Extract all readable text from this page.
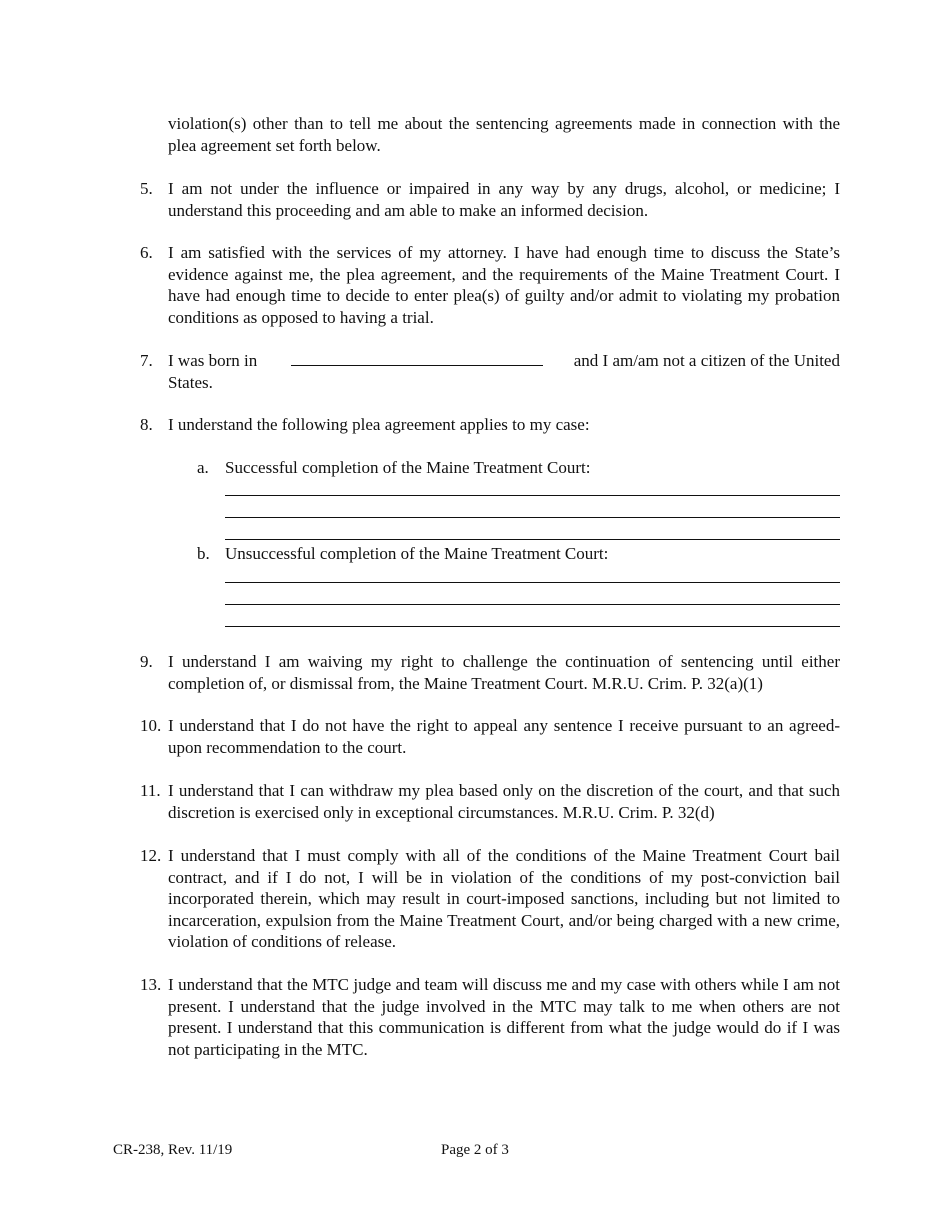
violation(s) other than to tell me about the sentencing agreements made in connection with the plea agreement set forth below.
5. I am not under the influence or impaired in any way by any drugs, alcohol, or medicine; I understand this proceeding and am able to make an informed decision.
6. I am satisfied with the services of my attorney. I have had enough time to discuss the State’s evidence against me, the plea agreement, and the requirements of the Maine Treatment Court. I have had enough time to decide to enter plea(s) of guilty and/or admit to violating my probation conditions as opposed to having a trial.
7. I was born in	and I am/am not a citizen of the United
States.
8. I understand the following plea agreement applies to my case:
a. Successful completion of the Maine Treatment Court:
b. Unsuccessful completion of the Maine Treatment Court:
9. I understand I am waiving my right to challenge the continuation of sentencing until either completion of, or dismissal from, the Maine Treatment Court. M.R.U. Crim. P. 32(a)(1)
10. I understand that I do not have the right to appeal any sentence I receive pursuant to an agreed-upon recommendation to the court.
11. I understand that I can withdraw my plea based only on the discretion of the court, and that such discretion is exercised only in exceptional circumstances. M.R.U. Crim. P. 32(d)
12. I understand that I must comply with all of the conditions of the Maine Treatment Court bail contract, and if I do not, I will be in violation of the conditions of my post-conviction bail incorporated therein, which may result in court-imposed sanctions, including but not limited to incarceration, expulsion from the Maine Treatment Court, and/or being charged with a new crime, violation of conditions of release.
13. I understand that the MTC judge and team will discuss me and my case with others while I am not present. I understand that the judge involved in the MTC may talk to me when others are not present. I understand that this communication is different from what the judge would do if I was not participating in the MTC.
CR-238, Rev. 11/19	Page 2 of 3
